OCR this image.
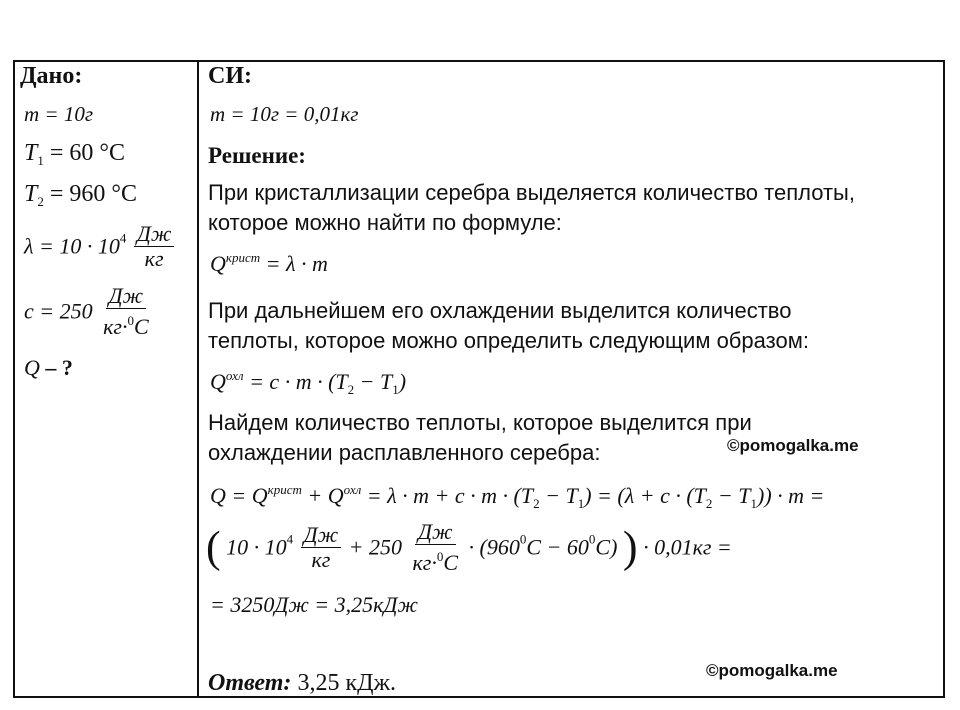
Дано:
m = 10г
$T_1 = 60$ °C
$T_2 = 960$ °C
$\lambda = 10 \cdot 10^4 \frac{Дж}{кг}$
$c = 250 \frac{Дж}{кг\cdot^0C}$
Q – ?
СИ:
m = 10г = 0,01кг
Решение:
При кристаллизации серебра выделяется количество теплоты,
которое можно найти по формуле:
$Q^{крист} = \lambda \cdot m$
При дальнейшем его охлаждении выделится количество
теплоты, которое можно определить следующим образом:
$Q^{охл} = c \cdot m \cdot (T_2 - T_1)$
Найдем количество теплоты, которое выделится при
охлаждении расплавленного серебра:	©pomogalka.me
$Q = Q^{крист} + Q^{охл} = \lambda \cdot m + c \cdot m \cdot (T_2 - T_1) = (\lambda + c \cdot (T_2 - T_1)) \cdot m$ =
( $10 \cdot 10^4 \frac{Дж}{кг} + 250 \frac{Дж}{кг\cdot^0C} \cdot (960^0C - 60^0C)$ ) · 0,01кг =
= 3250Дж = 3,25кДж
©pomogalka.me
Ответ: 3,25 кДж.
